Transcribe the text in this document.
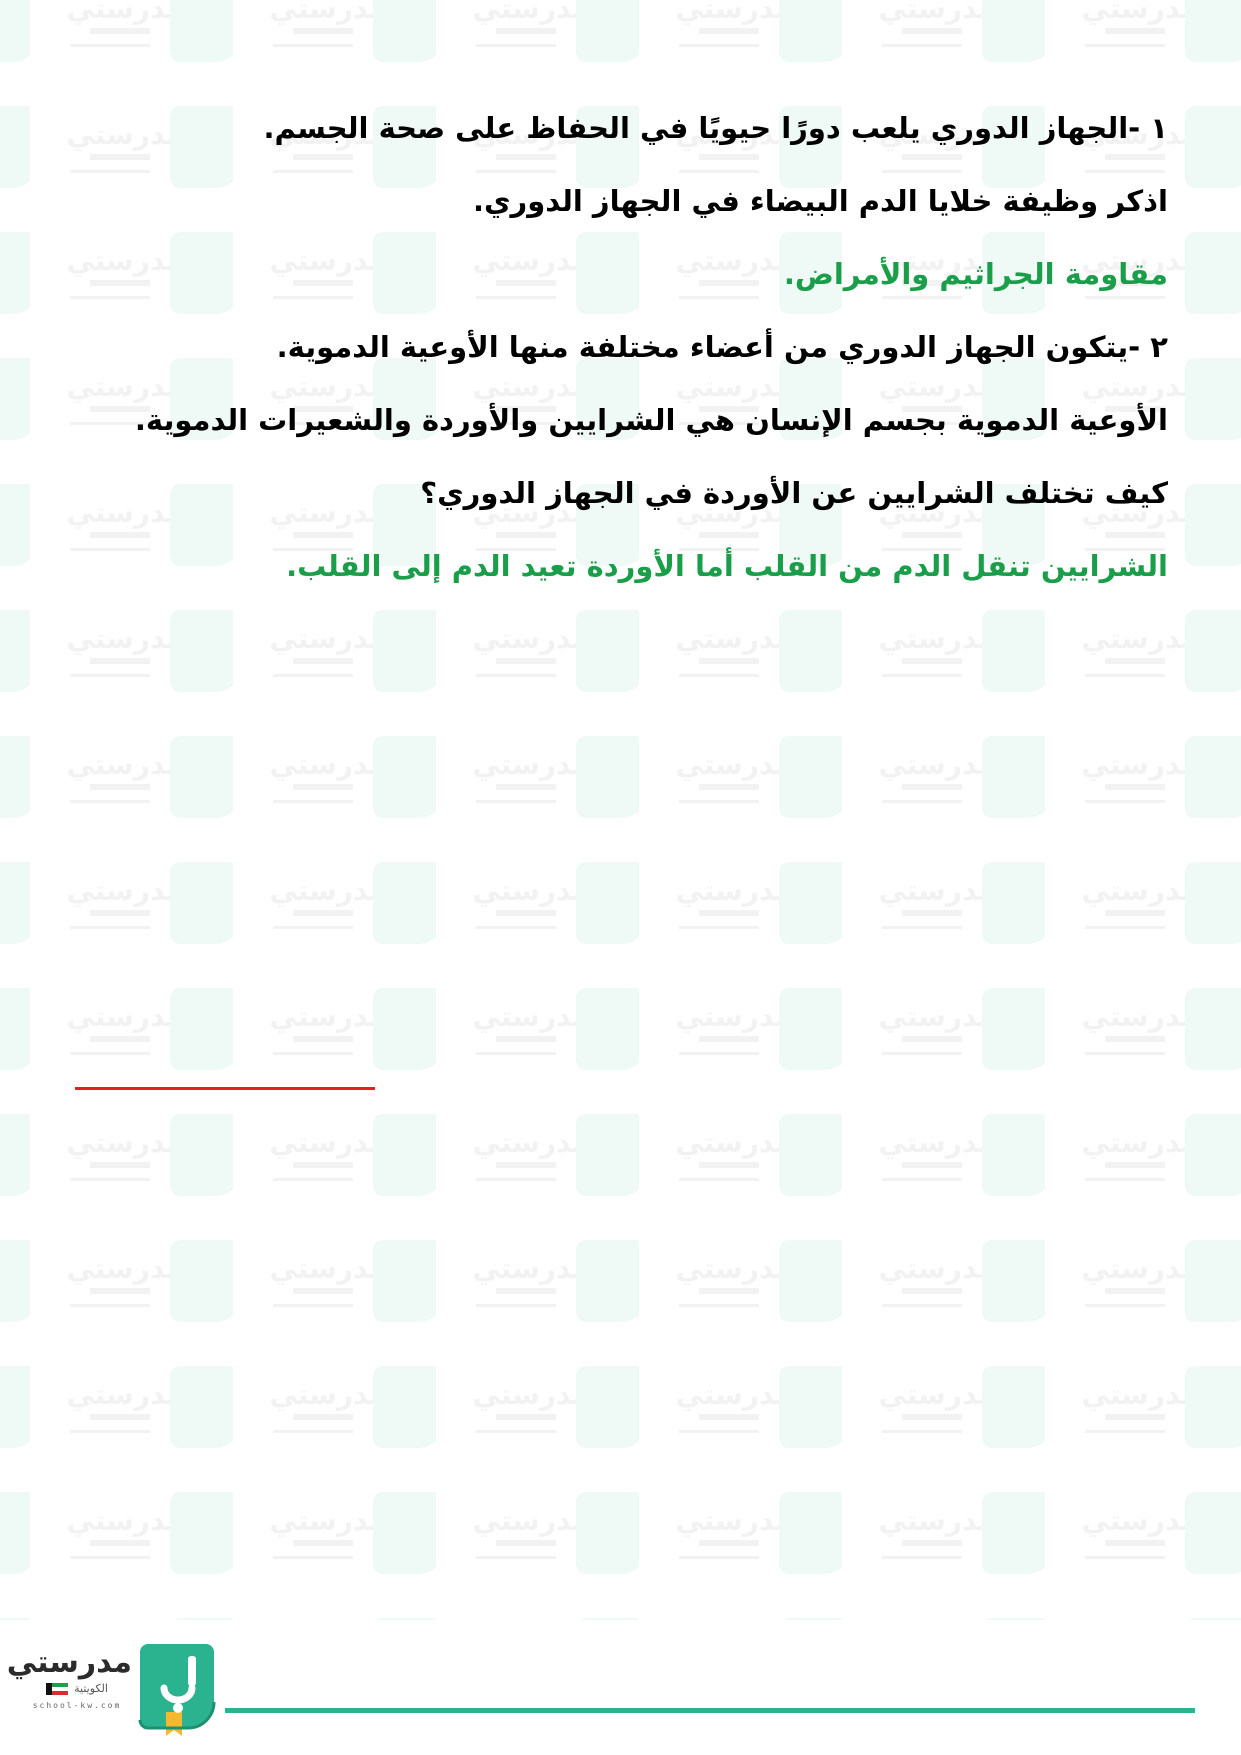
مدرستي
١ -الجهاز الدوري يلعب دورًا حيويًا في الحفاظ على صحة الجسم.
اذكر وظيفة خلايا الدم البيضاء في الجهاز الدوري.
مقاومة الجراثيم والأمراض.
٢ -يتكون الجهاز الدوري من أعضاء مختلفة منها الأوعية الدموية.
الأوعية الدموية بجسم الإنسان هي الشرايين والأوردة والشعيرات الدموية.
كيف تختلف الشرايين عن الأوردة في الجهاز الدوري؟
الشرايين تنقل الدم من القلب أما الأوردة تعيد الدم إلى القلب.
مدرستي
الكويتية
school-kw.com
